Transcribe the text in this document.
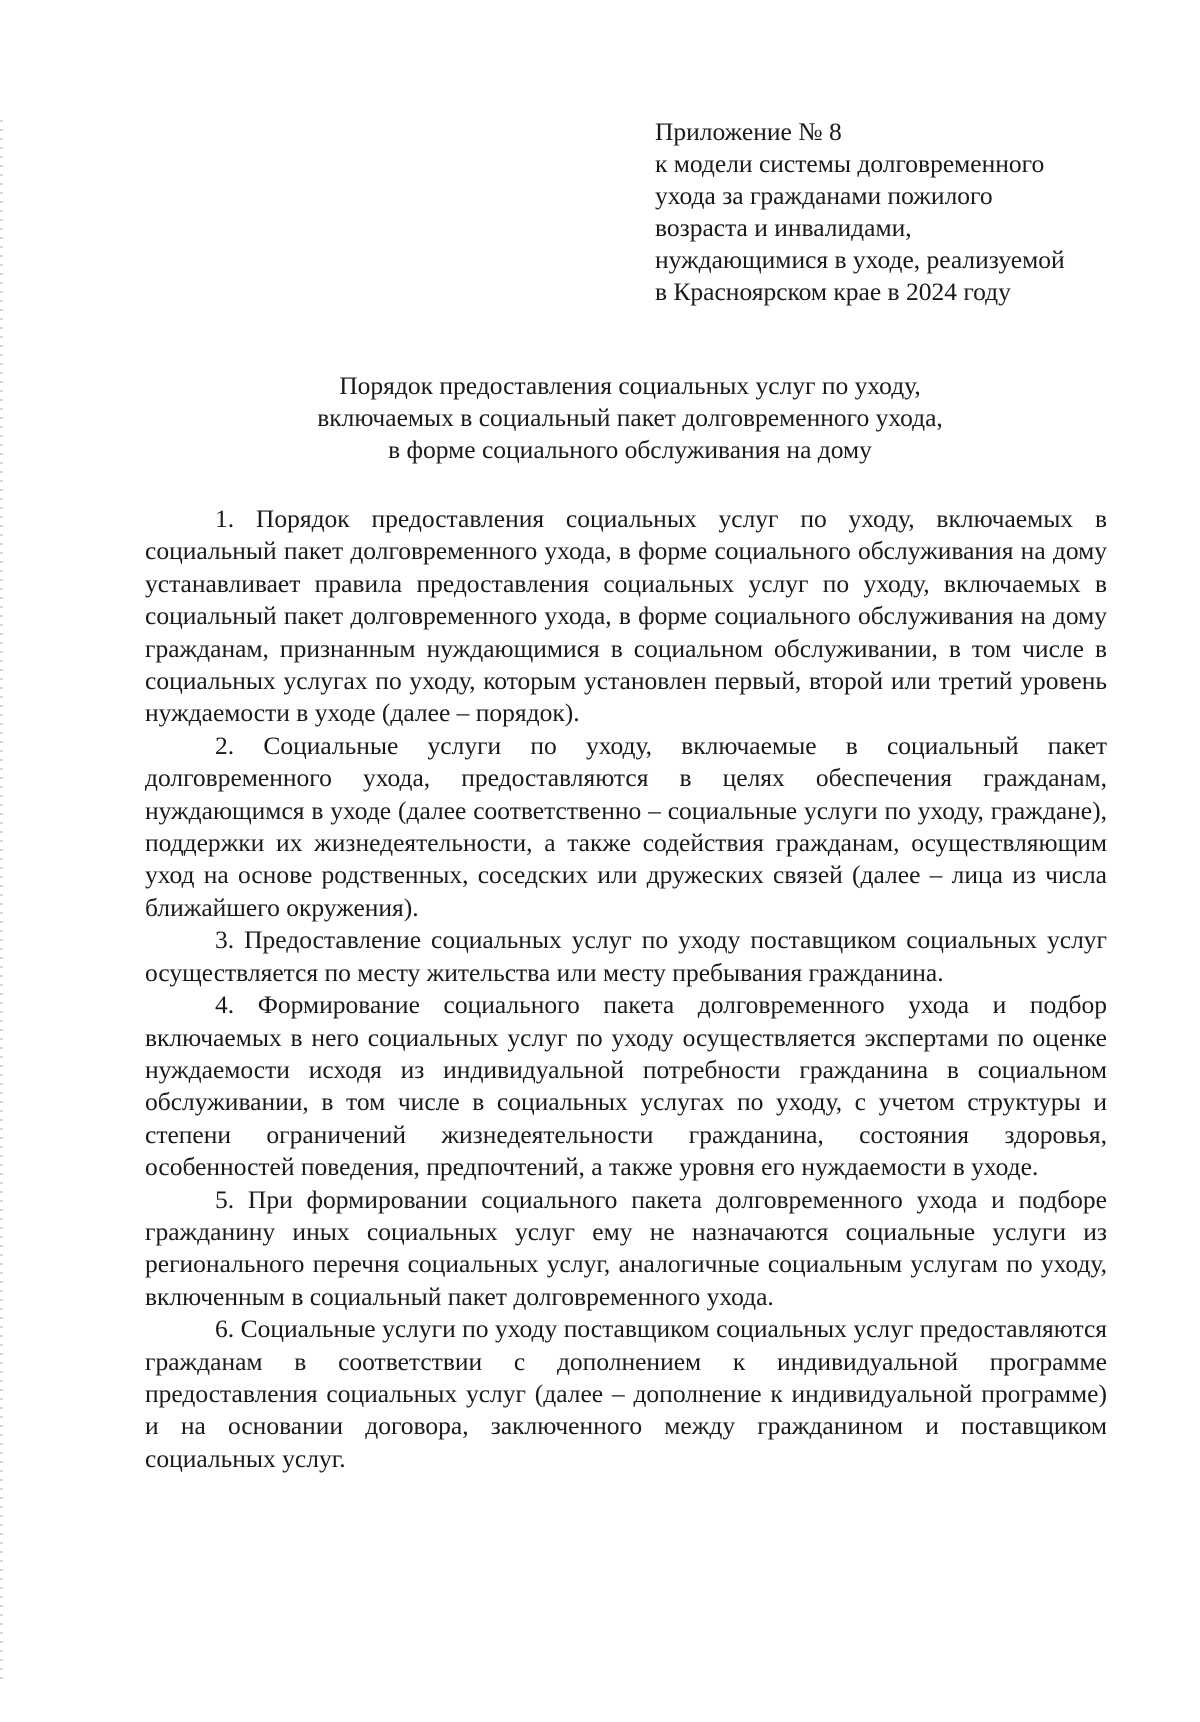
Приложение № 8
к модели системы долговременного
ухода за гражданами пожилого
возраста и инвалидами,
нуждающимися в уходе, реализуемой
в Красноярском крае в 2024 году
Порядок предоставления социальных услуг по уходу,
включаемых в социальный пакет долговременного ухода,
в форме социального обслуживания на дому

1. Порядок предоставления социальных услуг по уходу, включаемых в социальный пакет долговременного ухода, в форме социального обслуживания на дому устанавливает правила предоставления социальных услуг по уходу, включаемых в социальный пакет долговременного ухода, в форме социального обслуживания на дому гражданам, признанным нуждающимися в социальном обслуживании, в том числе в социальных услугах по уходу, которым установлен первый, второй или третий уровень нуждаемости в уходе (далее – порядок).

2. Социальные услуги по уходу, включаемые в социальный пакет долговременного ухода, предоставляются в целях обеспечения гражданам, нуждающимся в уходе (далее соответственно – социальные услуги по уходу, граждане), поддержки их жизнедеятельности, а также содействия гражданам, осуществляющим уход на основе родственных, соседских или дружеских связей (далее – лица из числа ближайшего окружения).

3. Предоставление социальных услуг по уходу поставщиком социальных услуг осуществляется по месту жительства или месту пребывания гражданина.

4. Формирование социального пакета долговременного ухода и подбор включаемых в него социальных услуг по уходу осуществляется экспертами по оценке нуждаемости исходя из индивидуальной потребности гражданина в социальном обслуживании, в том числе в социальных услугах по уходу, с учетом структуры и степени ограничений жизнедеятельности гражданина, состояния здоровья, особенностей поведения, предпочтений, а также уровня его нуждаемости в уходе.

5. При формировании социального пакета долговременного ухода и подборе гражданину иных социальных услуг ему не назначаются социальные услуги из регионального перечня социальных услуг, аналогичные социальным услугам по уходу, включенным в социальный пакет долговременного ухода.

6. Социальные услуги по уходу поставщиком социальных услуг предоставляются гражданам в соответствии с дополнением к индивидуальной программе предоставления социальных услуг (далее – дополнение к индивидуальной программе) и на основании договора, заключенного между гражданином и поставщиком социальных услуг.
